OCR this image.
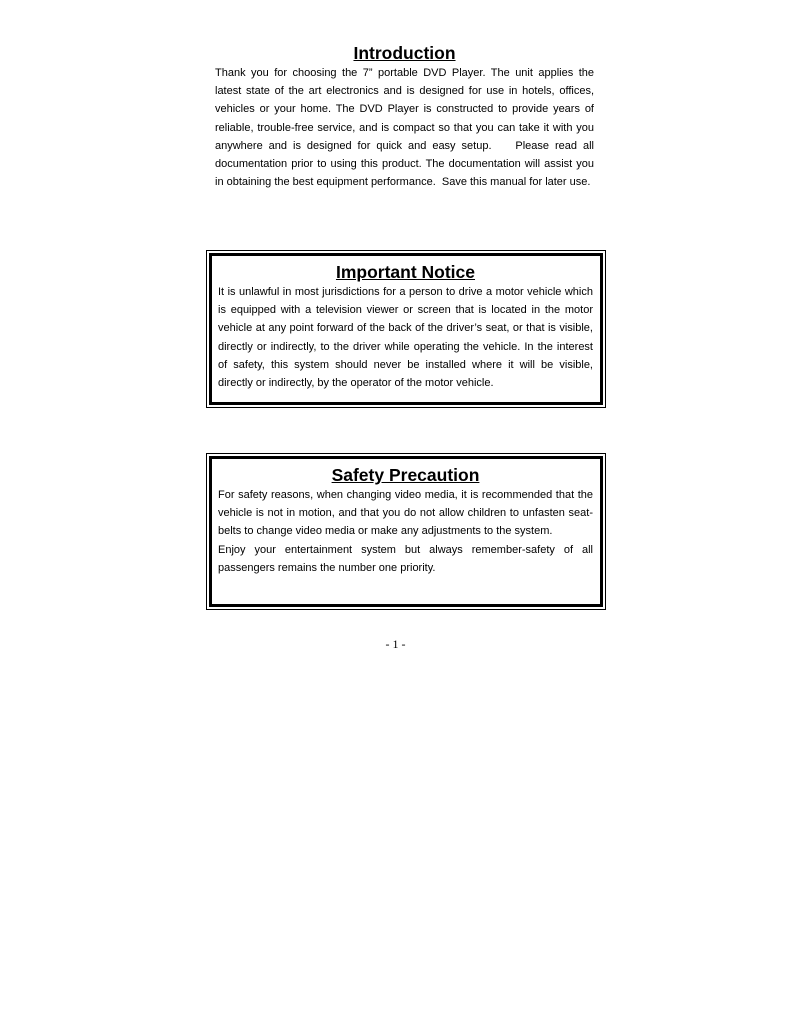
Introduction

Thank you for choosing the 7” portable DVD Player. The unit applies the latest state of the art electronics and is designed for use in hotels, offices, vehicles or your home. The DVD Player is constructed to provide years of reliable, trouble-free service, and is compact so that you can take it with you anywhere and is designed for quick and easy setup.    Please read all documentation prior to using this product. The documentation will assist you in obtaining the best equipment performance.  Save this manual for later use.

Important Notice

It is unlawful in most jurisdictions for a person to drive a motor vehicle which is equipped with a television viewer or screen that is located in the motor vehicle at any point forward of the back of the driver’s seat, or that is visible, directly or indirectly, to the driver while operating the vehicle. In the interest of safety, this system should never be installed where it will be visible, directly or indirectly, by the operator of the motor vehicle.

Safety Precaution

For safety reasons, when changing video media, it is recommended that the vehicle is not in motion, and that you do not allow children to unfasten seat-belts to change video media or make any adjustments to the system.

Enjoy your entertainment system but always remember-safety of all passengers remains the number one priority.

- 1 -
